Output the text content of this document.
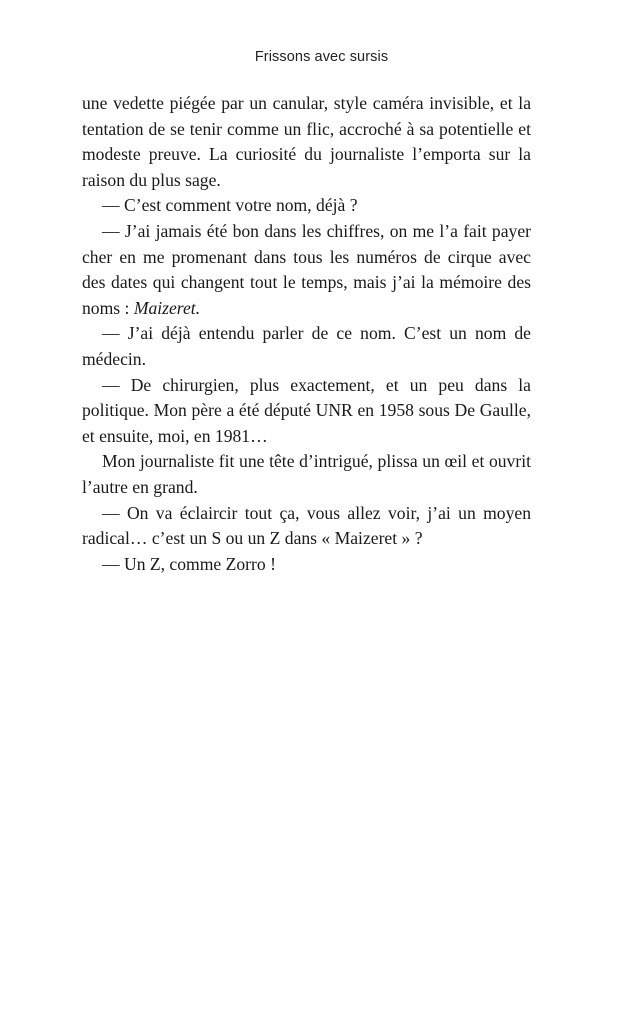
Frissons avec sursis

une vedette piégée par un canular, style caméra invisible, et la tentation de se tenir comme un flic, accroché à sa potentielle et modeste preuve. La curiosité du journaliste l’emporta sur la raison du plus sage.

— C’est comment votre nom, déjà ?

— J’ai jamais été bon dans les chiffres, on me l’a fait payer cher en me promenant dans tous les numéros de cirque avec des dates qui changent tout le temps, mais j’ai la mémoire des noms : Maizeret.

— J’ai déjà entendu parler de ce nom. C’est un nom de médecin.

— De chirurgien, plus exactement, et un peu dans la politique. Mon père a été député UNR en 1958 sous De Gaulle, et ensuite, moi, en 1981…

Mon journaliste fit une tête d’intrigué, plissa un œil et ouvrit l’autre en grand.

— On va éclaircir tout ça, vous allez voir, j’ai un moyen radical… c’est un S ou un Z dans « Maizeret » ?

— Un Z, comme Zorro !
